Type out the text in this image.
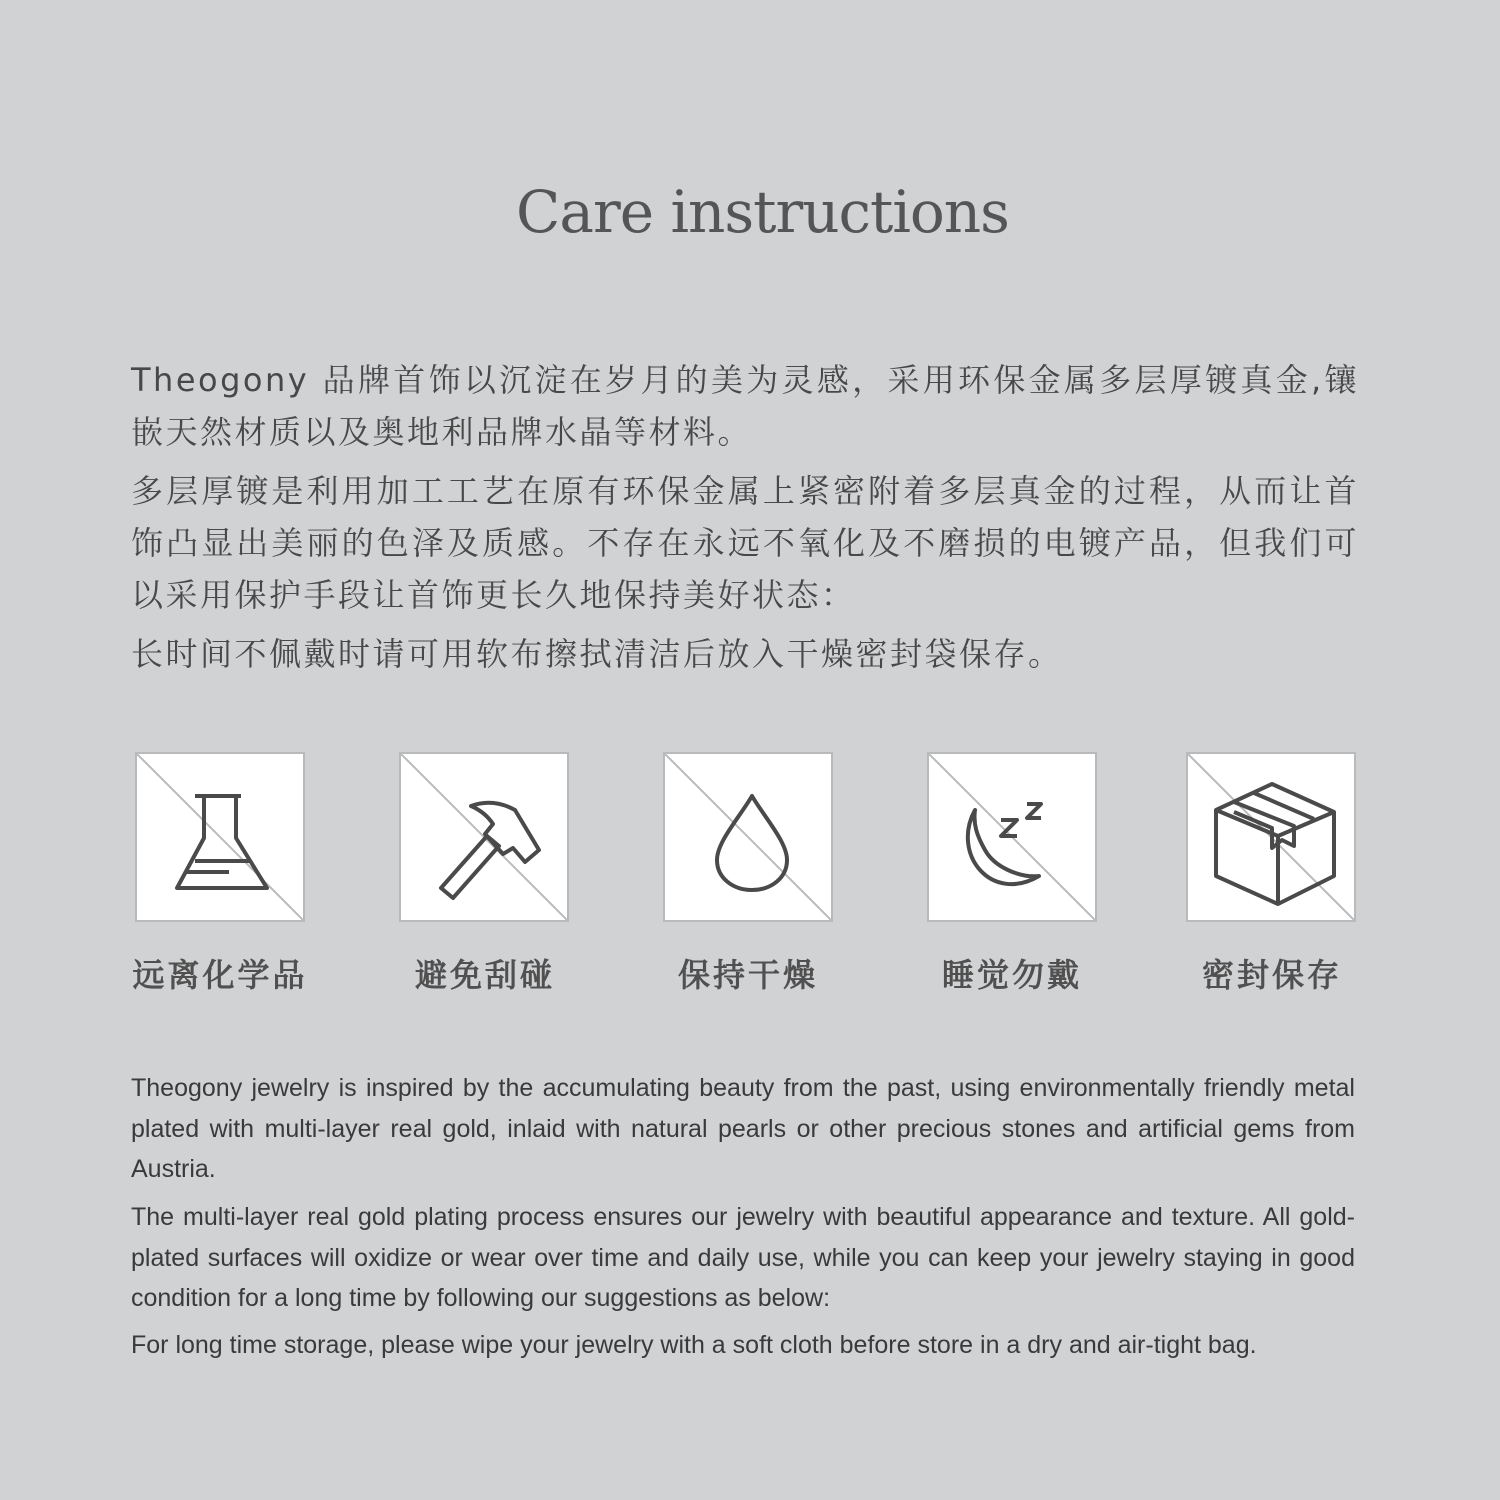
Care instructions

Theogony 品牌首饰以沉淀在岁月的美为灵感，采用环保金属多层厚镀真金,镶嵌天然材质以及奥地利品牌水晶等材料。

多层厚镀是利用加工工艺在原有环保金属上紧密附着多层真金的过程，从而让首饰凸显出美丽的色泽及质感。不存在永远不氧化及不磨损的电镀产品，但我们可以采用保护手段让首饰更长久地保持美好状态：

长时间不佩戴时请可用软布擦拭清洁后放入干燥密封袋保存。

远离化学品	避免刮碰	保持干燥	睡觉勿戴	密封保存

Theogony jewelry is inspired by the accumulating beauty from the past, using environmentally friendly metal plated with multi-layer real gold, inlaid with natural pearls or other precious stones and artificial gems from Austria.

The multi-layer real gold plating process ensures our jewelry with beautiful appearance and texture. All gold-plated surfaces will oxidize or wear over time and daily use, while you can keep your jewelry staying in good condition for a long time by following our suggestions as below:

For long time storage, please wipe your jewelry with a soft cloth before store in a dry and air-tight bag.
